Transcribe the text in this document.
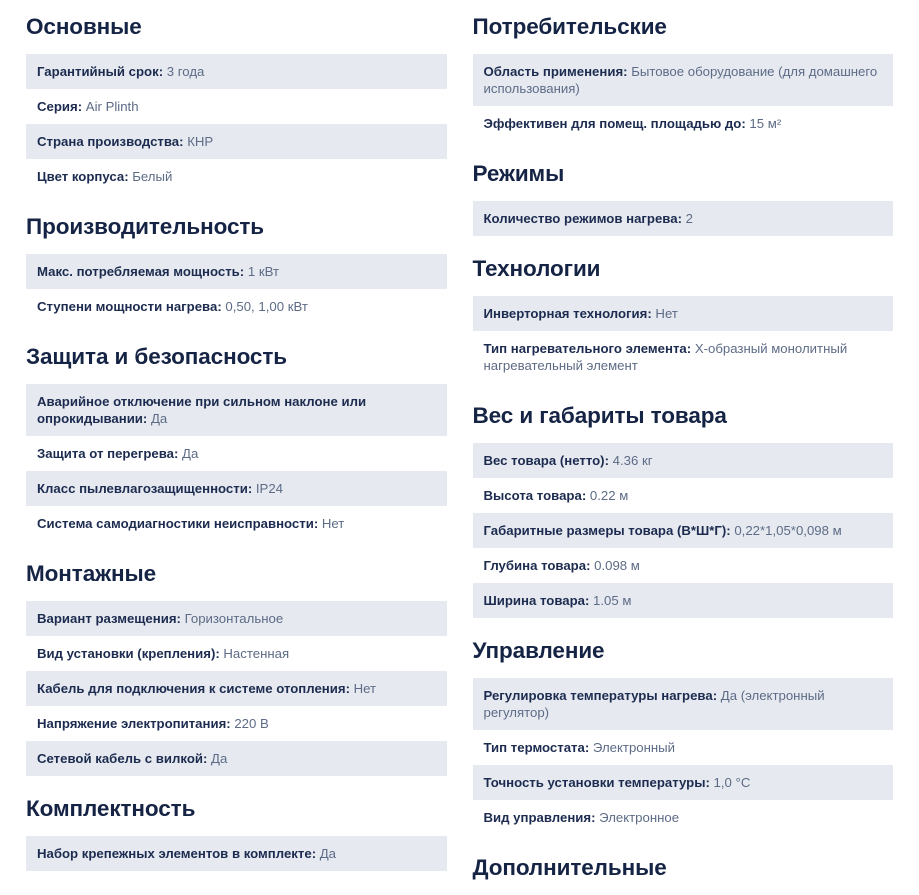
Основные
Гарантийный срок: 3 года
Серия: Air Plinth
Страна производства: КНР
Цвет корпуса: Белый
Производительность
Макс. потребляемая мощность: 1 кВт
Ступени мощности нагрева: 0,50, 1,00 кВт
Защита и безопасность
Аварийное отключение при сильном наклоне или опрокидывании: Да
Защита от перегрева: Да
Класс пылевлагозащищенности: IP24
Система самодиагностики неисправности: Нет
Монтажные
Вариант размещения: Горизонтальное
Вид установки (крепления): Настенная
Кабель для подключения к системе отопления: Нет
Напряжение электропитания: 220 В
Сетевой кабель с вилкой: Да
Комплектность
Набор крепежных элементов в комплекте: Да
Потребительские
Область применения: Бытовое оборудование (для домашнего использования)
Эффективен для помещ. площадью до: 15 м²
Режимы
Количество режимов нагрева: 2
Технологии
Инверторная технология: Нет
Тип нагревательного элемента: X-образный монолитный нагревательный элемент
Вес и габариты товара
Вес товара (нетто): 4.36 кг
Высота товара: 0.22 м
Габаритные размеры товара (В*Ш*Г): 0,22*1,05*0,098 м
Глубина товара: 0.098 м
Ширина товара: 1.05 м
Управление
Регулировка температуры нагрева: Да (электронный регулятор)
Тип термостата: Электронный
Точность установки температуры: 1,0 °C
Вид управления: Электронное
Дополнительные
